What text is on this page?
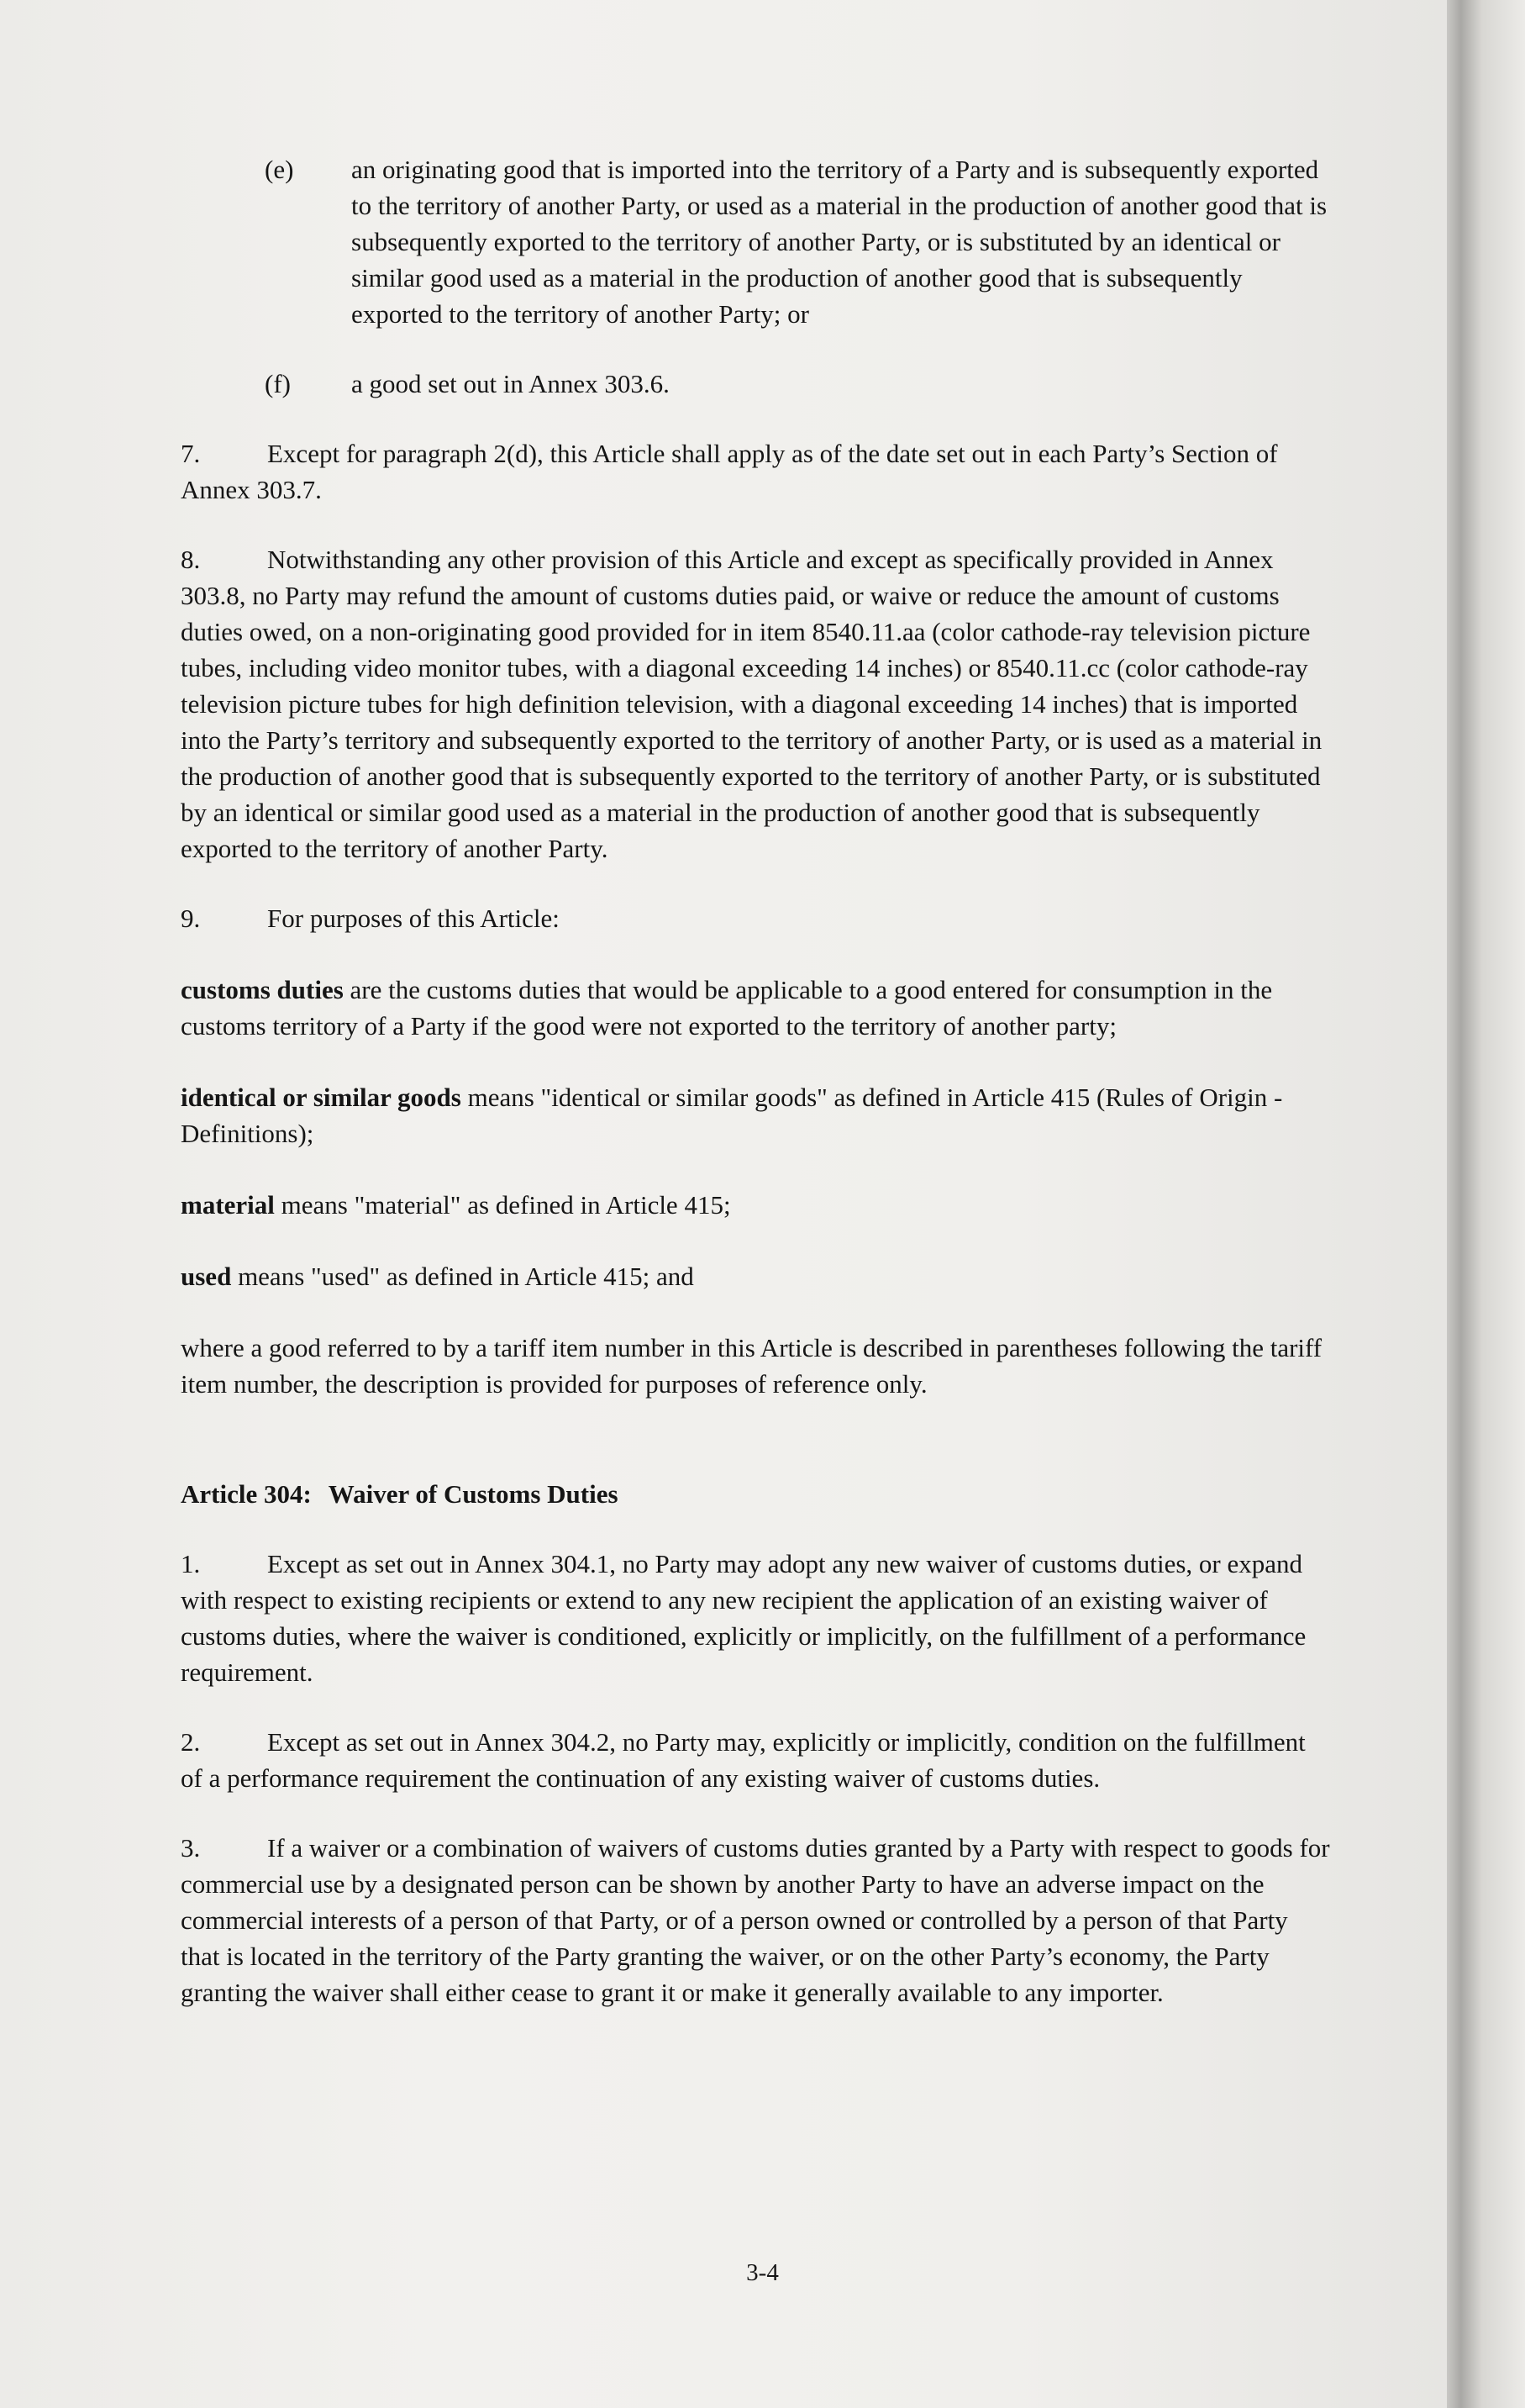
(e) an originating good that is imported into the territory of a Party and is subsequently exported to the territory of another Party, or used as a material in the production of another good that is subsequently exported to the territory of another Party, or is substituted by an identical or similar good used as a material in the production of another good that is subsequently exported to the territory of another Party; or

(f) a good set out in Annex 303.6.

7.	Except for paragraph 2(d), this Article shall apply as of the date set out in each Party’s Section of Annex 303.7.

8.	Notwithstanding any other provision of this Article and except as specifically provided in Annex 303.8, no Party may refund the amount of customs duties paid, or waive or reduce the amount of customs duties owed, on a non-originating good provided for in item 8540.11.aa (color cathode-ray television picture tubes, including video monitor tubes, with a diagonal exceeding 14 inches) or 8540.11.cc (color cathode-ray television picture tubes for high definition television, with a diagonal exceeding 14 inches) that is imported into the Party’s territory and subsequently exported to the territory of another Party, or is used as a material in the production of another good that is subsequently exported to the territory of another Party, or is substituted by an identical or similar good used as a material in the production of another good that is subsequently exported to the territory of another Party.

9.	For purposes of this Article:

customs duties are the customs duties that would be applicable to a good entered for consumption in the customs territory of a Party if the good were not exported to the territory of another party;

identical or similar goods means "identical or similar goods" as defined in Article 415 (Rules of Origin - Definitions);

material means "material" as defined in Article 415;

used means "used" as defined in Article 415; and

where a good referred to by a tariff item number in this Article is described in parentheses following the tariff item number, the description is provided for purposes of reference only.

Article 304: Waiver of Customs Duties

1.	Except as set out in Annex 304.1, no Party may adopt any new waiver of customs duties, or expand with respect to existing recipients or extend to any new recipient the application of an existing waiver of customs duties, where the waiver is conditioned, explicitly or implicitly, on the fulfillment of a performance requirement.

2.	Except as set out in Annex 304.2, no Party may, explicitly or implicitly, condition on the fulfillment of a performance requirement the continuation of any existing waiver of customs duties.

3.	If a waiver or a combination of waivers of customs duties granted by a Party with respect to goods for commercial use by a designated person can be shown by another Party to have an adverse impact on the commercial interests of a person of that Party, or of a person owned or controlled by a person of that Party that is located in the territory of the Party granting the waiver, or on the other Party’s economy, the Party granting the waiver shall either cease to grant it or make it generally available to any importer.

3-4
